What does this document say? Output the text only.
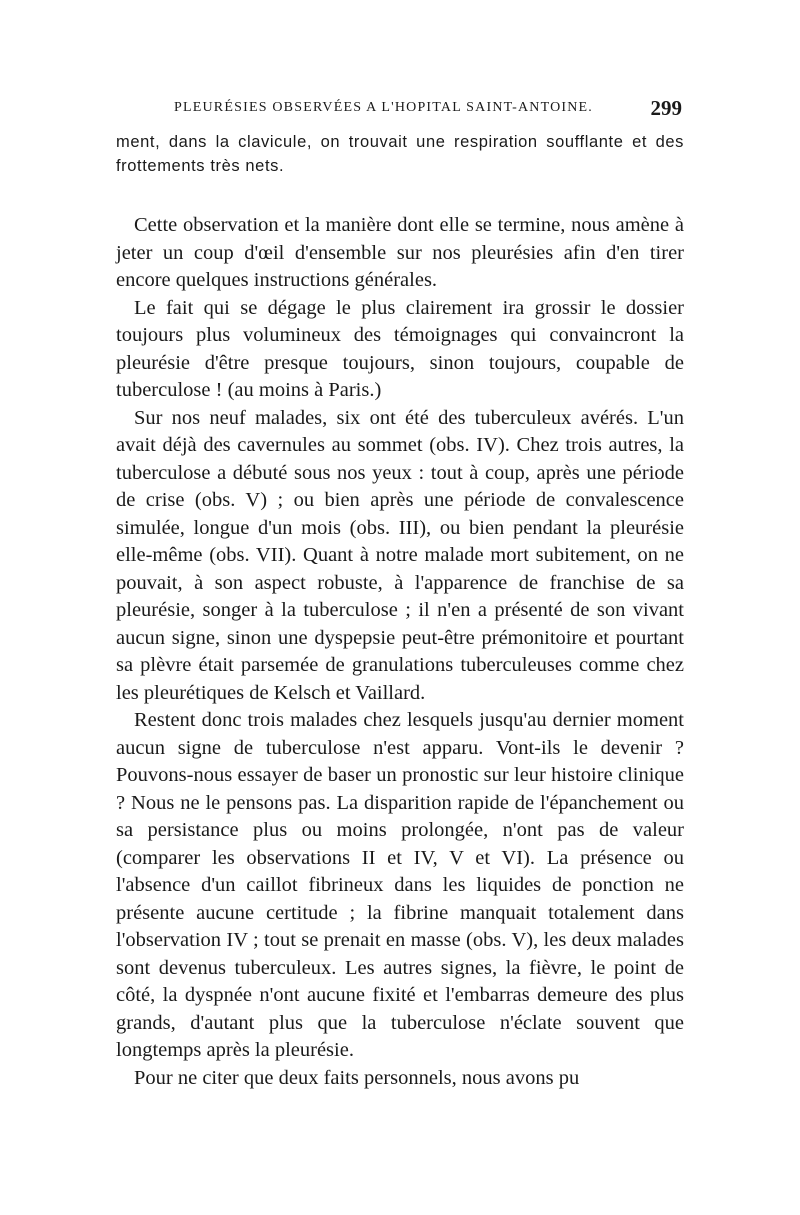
PLEURÉSIES OBSERVÉES A L'HOPITAL SAINT-ANTOINE.	299

ment, dans la clavicule, on trouvait une respiration soufflante et des frottements très nets.

Cette observation et la manière dont elle se termine, nous amène à jeter un coup d'œil d'ensemble sur nos pleurésies afin d'en tirer encore quelques instructions générales.

Le fait qui se dégage le plus clairement ira grossir le dossier toujours plus volumineux des témoignages qui convaincront la pleurésie d'être presque toujours, sinon toujours, coupable de tuberculose ! (au moins à Paris.)

Sur nos neuf malades, six ont été des tuberculeux avérés. L'un avait déjà des cavernules au sommet (obs. IV). Chez trois autres, la tuberculose a débuté sous nos yeux : tout à coup, après une période de crise (obs. V) ; ou bien après une période de convalescence simulée, longue d'un mois (obs. III), ou bien pendant la pleurésie elle-même (obs. VII). Quant à notre malade mort subitement, on ne pouvait, à son aspect robuste, à l'apparence de franchise de sa pleurésie, songer à la tuberculose ; il n'en a présenté de son vivant aucun signe, sinon une dyspepsie peut-être prémonitoire et pourtant sa plèvre était parsemée de granulations tuberculeuses comme chez les pleurétiques de Kelsch et Vaillard.

Restent donc trois malades chez lesquels jusqu'au dernier moment aucun signe de tuberculose n'est apparu. Vont-ils le devenir ? Pouvons-nous essayer de baser un pronostic sur leur histoire clinique ? Nous ne le pensons pas. La disparition rapide de l'épanchement ou sa persistance plus ou moins prolongée, n'ont pas de valeur (comparer les observations II et IV, V et VI). La présence ou l'absence d'un caillot fibrineux dans les liquides de ponction ne présente aucune certitude ; la fibrine manquait totalement dans l'observation IV ; tout se prenait en masse (obs. V), les deux malades sont devenus tuberculeux. Les autres signes, la fièvre, le point de côté, la dyspnée n'ont aucune fixité et l'embarras demeure des plus grands, d'autant plus que la tuberculose n'éclate souvent que longtemps après la pleurésie.

Pour ne citer que deux faits personnels, nous avons pu
